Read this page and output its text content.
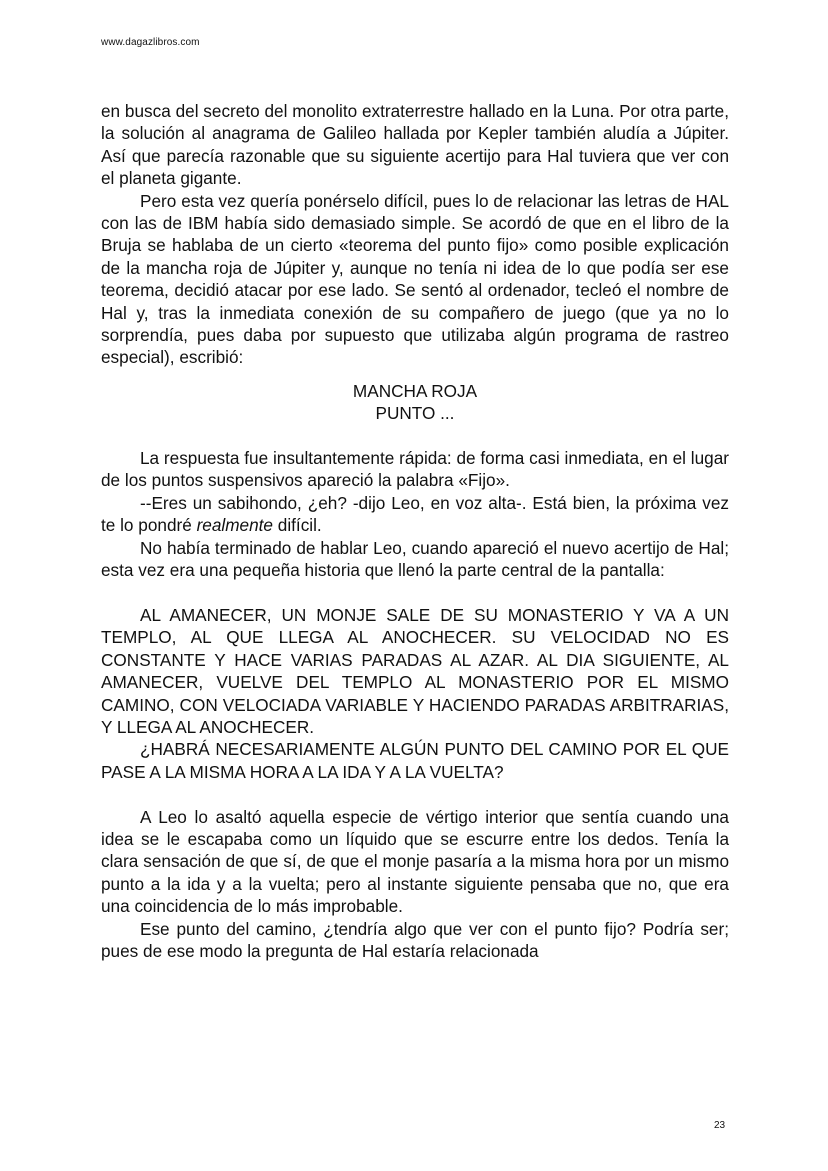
www.dagazlibros.com

en busca del secreto del monolito extraterrestre hallado en la Luna. Por otra parte, la solución al anagrama de Galileo hallada por Kepler también aludía a Júpiter. Así que parecía razonable que su siguiente acertijo para Hal tuviera que ver con el planeta gigante.

Pero esta vez quería ponérselo difícil, pues lo de relacionar las letras de HAL con las de IBM había sido demasiado simple. Se acordó de que en el libro de la Bruja se hablaba de un cierto «teorema del punto fijo» como posible explicación de la mancha roja de Júpiter y, aunque no tenía ni idea de lo que podía ser ese teorema, decidió atacar por ese lado. Se sentó al ordenador, tecleó el nombre de Hal y, tras la inmediata conexión de su compañero de juego (que ya no lo sorprendía, pues daba por supuesto que utilizaba algún programa de rastreo especial), escribió:

MANCHA ROJA
PUNTO ...

La respuesta fue insultantemente rápida: de forma casi inmediata, en el lugar de los puntos suspensivos apareció la palabra «Fijo».

--Eres un sabihondo, ¿eh? -dijo Leo, en voz alta-. Está bien, la próxima vez te lo pondré realmente difícil.

No había terminado de hablar Leo, cuando apareció el nuevo acertijo de Hal; esta vez era una pequeña historia que llenó la parte central de la pantalla:

AL AMANECER, UN MONJE SALE DE SU MONASTERIO Y VA A UN TEMPLO, AL QUE LLEGA AL ANOCHECER. SU VELOCIDAD NO ES CONSTANTE Y HACE VARIAS PARADAS AL AZAR. AL DIA SIGUIENTE, AL AMANECER, VUELVE DEL TEMPLO AL MONASTERIO POR EL MISMO CAMINO, CON VELOCIADA VARIABLE Y HACIENDO PARADAS ARBITRARIAS, Y LLEGA AL ANOCHECER.

¿HABRÁ NECESARIAMENTE ALGÚN PUNTO DEL CAMINO POR EL QUE PASE A LA MISMA HORA A LA IDA Y A LA VUELTA?

A Leo lo asaltó aquella especie de vértigo interior que sentía cuando una idea se le escapaba como un líquido que se escurre entre los dedos. Tenía la clara sensación de que sí, de que el monje pasaría a la misma hora por un mismo punto a la ida y a la vuelta; pero al instante siguiente pensaba que no, que era una coincidencia de lo más improbable.

Ese punto del camino, ¿tendría algo que ver con el punto fijo? Podría ser; pues de ese modo la pregunta de Hal estaría relacionada

23
